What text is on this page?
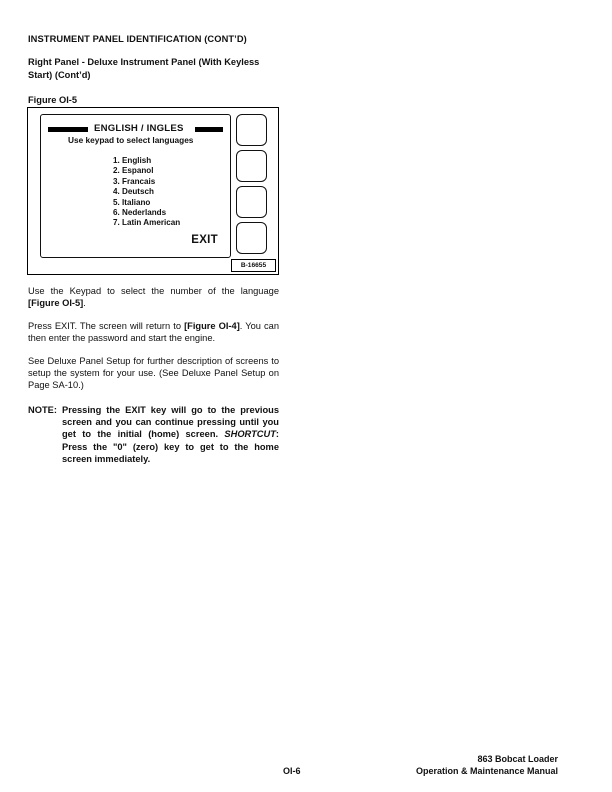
INSTRUMENT PANEL IDENTIFICATION (CONT’D)
Right Panel - Deluxe Instrument Panel (With Keyless Start) (Cont’d)
Figure OI-5
ENGLISH / INGLES
Use keypad to select languages
1. English
2. Espanol
3. Francais
4. Deutsch
5. Italiano
6. Nederlands
7. Latin American
EXIT
B-16655

Use the Keypad to select the number of the language [Figure OI-5].

Press EXIT. The screen will return to [Figure OI-4]. You can then enter the password and start the engine.

See Deluxe Panel Setup for further description of screens to setup the system for your use. (See Deluxe Panel Setup on Page SA-10.)

NOTE: Pressing the EXIT key will go to the previous screen and you can continue pressing until you get to the initial (home) screen. SHORTCUT: Press the "0" (zero) key to get to the home screen immediately.
OI-6
863 Bobcat Loader
Operation & Maintenance Manual
